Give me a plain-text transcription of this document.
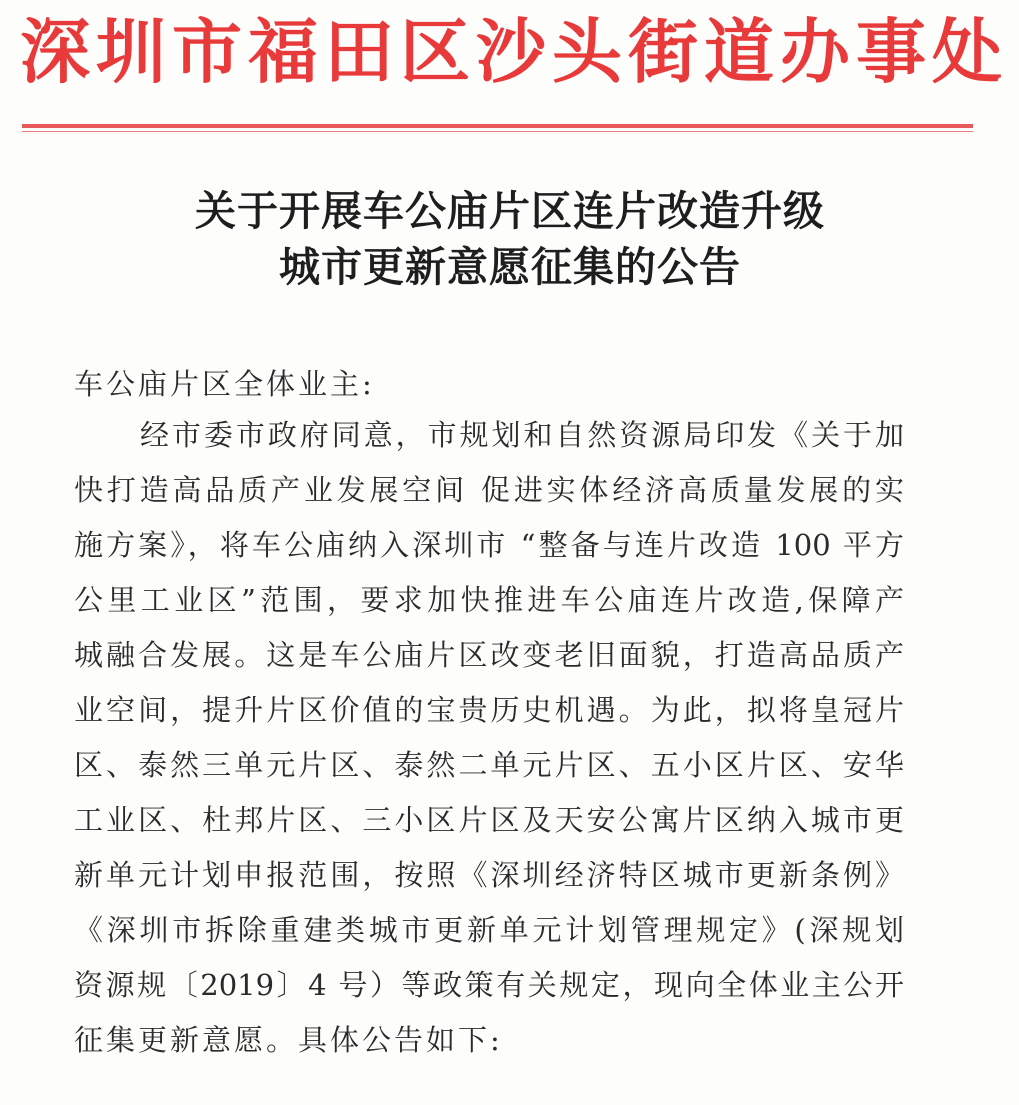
深圳市福田区沙头街道办事处
关于开展车公庙片区连片改造升级
城市更新意愿征集的公告
车公庙片区全体业主:
经市委市政府同意，市规划和自然资源局印发《关于加
快打造高品质产业发展空间 促进实体经济高质量发展的实
施方案》，将车公庙纳入深圳市 “整备与连片改造 100 平方
公里工业区”范围，要求加快推进车公庙连片改造,保障产
城融合发展。这是车公庙片区改变老旧面貌，打造高品质产
业空间，提升片区价值的宝贵历史机遇。为此，拟将皇冠片
区、泰然三单元片区、泰然二单元片区、五小区片区、安华
工业区、杜邦片区、三小区片区及天安公寓片区纳入城市更
新单元计划申报范围，按照《深圳经济特区城市更新条例》
《深圳市拆除重建类城市更新单元计划管理规定》(深规划
资源规〔2019〕4 号）等政策有关规定，现向全体业主公开
征集更新意愿。具体公告如下:
